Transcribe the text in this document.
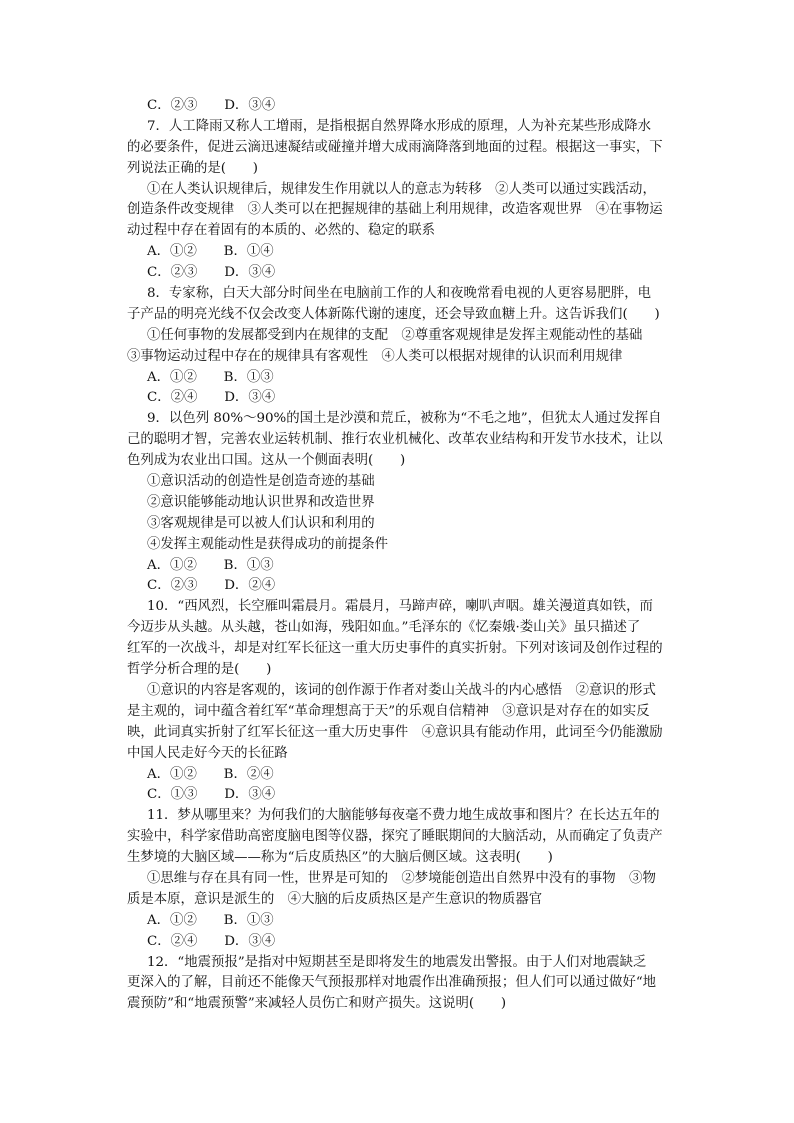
C．②③　　D．③④
7．人工降雨又称人工增雨，是指根据自然界降水形成的原理，人为补充某些形成降水
的必要条件，促进云滴迅速凝结或碰撞并增大成雨滴降落到地面的过程。根据这一事实，下
列说法正确的是(　　)
①在人类认识规律后，规律发生作用就以人的意志为转移　②人类可以通过实践活动，
创造条件改变规律　③人类可以在把握规律的基础上利用规律，改造客观世界　④在事物运
动过程中存在着固有的本质的、必然的、稳定的联系
A．①②　　B．①④
C．②③　　D．③④
8．专家称，白天大部分时间坐在电脑前工作的人和夜晚常看电视的人更容易肥胖，电
子产品的明亮光线不仅会改变人体新陈代谢的速度，还会导致血糖上升。这告诉我们(　　)
①任何事物的发展都受到内在规律的支配　②尊重客观规律是发挥主观能动性的基础
③事物运动过程中存在的规律具有客观性　④人类可以根据对规律的认识而利用规律
A．①②　　B．①③
C．②④　　D．③④
9．以色列 80%～90%的国土是沙漠和荒丘，被称为“不毛之地”，但犹太人通过发挥自
己的聪明才智，完善农业运转机制、推行农业机械化、改革农业结构和开发节水技术，让以
色列成为农业出口国。这从一个侧面表明(　　)
①意识活动的创造性是创造奇迹的基础
②意识能够能动地认识世界和改造世界
③客观规律是可以被人们认识和利用的
④发挥主观能动性是获得成功的前提条件
A．①②　　B．①③
C．②③　　D．②④
10．“西风烈，长空雁叫霜晨月。霜晨月，马蹄声碎，喇叭声咽。雄关漫道真如铁，而
今迈步从头越。从头越，苍山如海，残阳如血。”毛泽东的《忆秦娥·娄山关》虽只描述了
红军的一次战斗，却是对红军长征这一重大历史事件的真实折射。下列对该词及创作过程的
哲学分析合理的是(　　)
①意识的内容是客观的，该词的创作源于作者对娄山关战斗的内心感悟　②意识的形式
是主观的，词中蕴含着红军“革命理想高于天”的乐观自信精神　③意识是对存在的如实反
映，此词真实折射了红军长征这一重大历史事件　④意识具有能动作用，此词至今仍能激励
中国人民走好今天的长征路
A．①②　　B．②④
C．①③　　D．③④
11．梦从哪里来？为何我们的大脑能够每夜毫不费力地生成故事和图片？在长达五年的
实验中，科学家借助高密度脑电图等仪器，探究了睡眠期间的大脑活动，从而确定了负责产
生梦境的大脑区域——称为“后皮质热区”的大脑后侧区域。这表明(　　)
①思维与存在具有同一性，世界是可知的　②梦境能创造出自然界中没有的事物　③物
质是本原，意识是派生的　④大脑的后皮质热区是产生意识的物质器官
A．①②　　B．①③
C．②④　　D．③④
12．“地震预报”是指对中短期甚至是即将发生的地震发出警报。由于人们对地震缺乏
更深入的了解，目前还不能像天气预报那样对地震作出准确预报；但人们可以通过做好“地
震预防”和“地震预警”来减轻人员伤亡和财产损失。这说明(　　)
